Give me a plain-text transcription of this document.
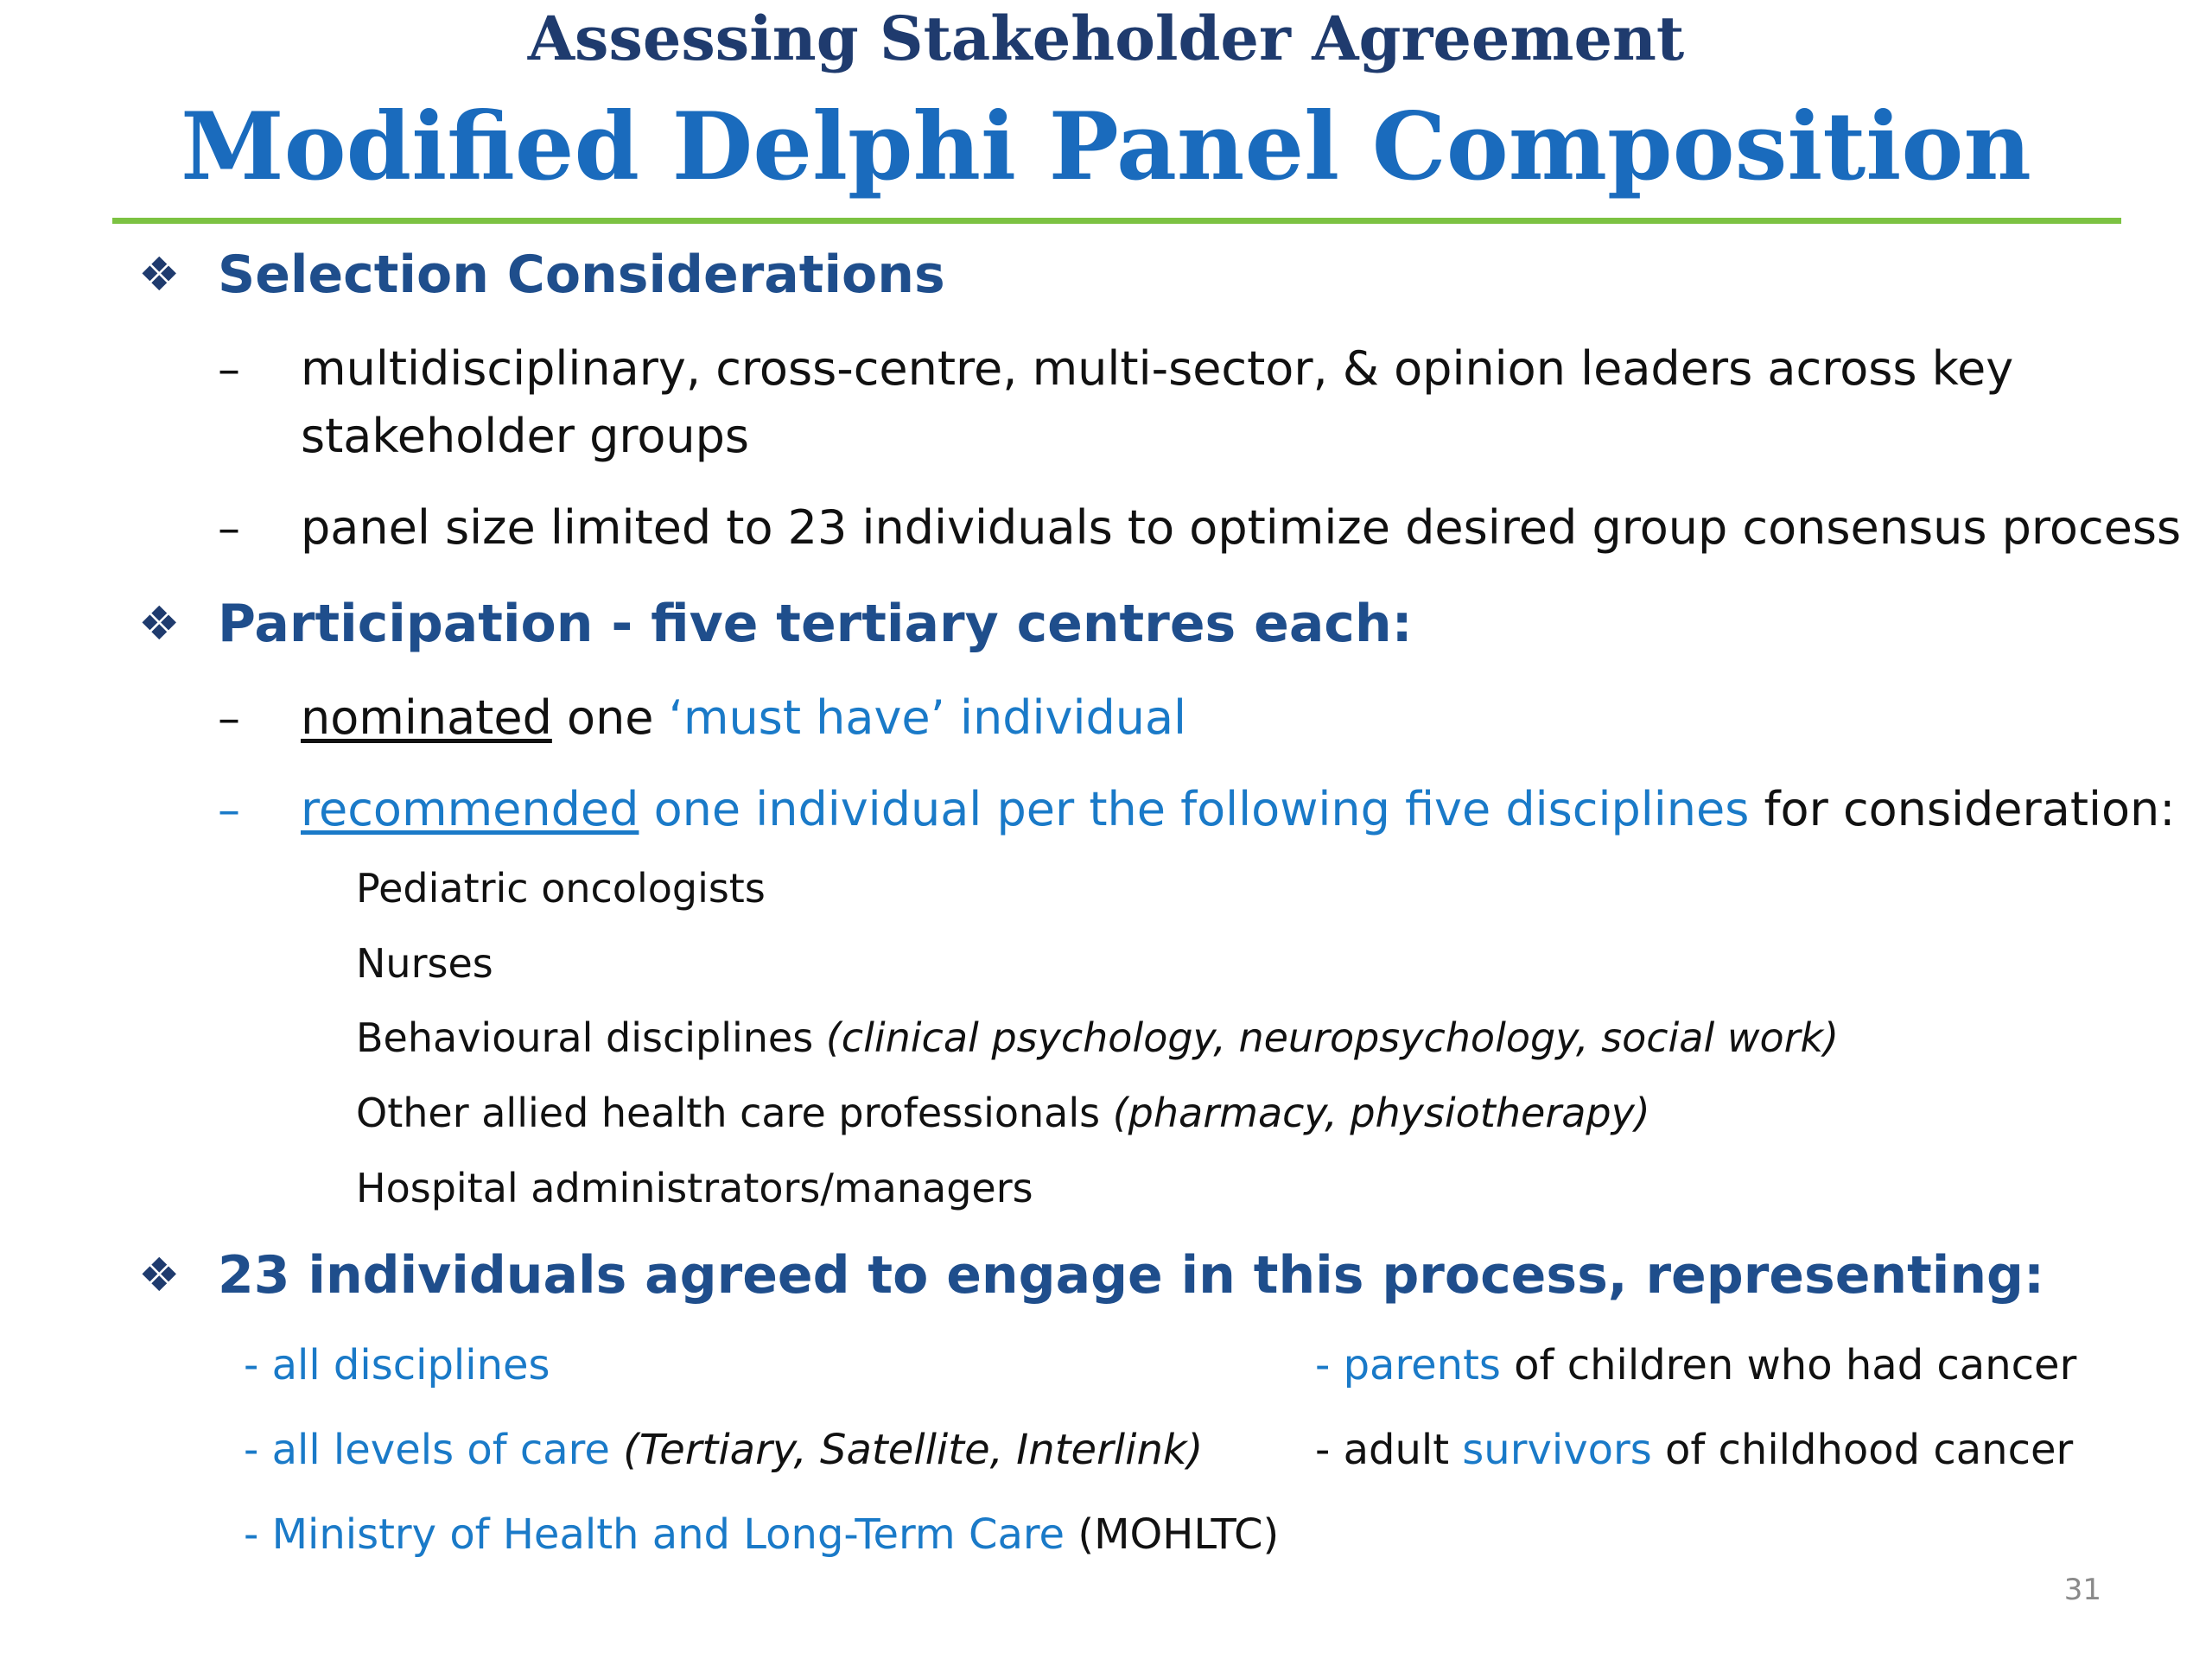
Assessing Stakeholder Agreement
Modified Delphi Panel Composition
❖ Selection Considerations
– multidisciplinary, cross-centre, multi-sector, & opinion leaders across key
stakeholder groups
– panel size limited to 23 individuals to optimize desired group consensus process
❖ Participation - five tertiary centres each:
– nominated one ‘must have’ individual
– recommended one individual per the following five disciplines for consideration:
Pediatric oncologists
Nurses
Behavioural disciplines (clinical psychology, neuropsychology, social work)
Other allied health care professionals (pharmacy, physiotherapy)
Hospital administrators/managers
❖ 23 individuals agreed to engage in this process, representing:
- all disciplines
- all levels of care (Tertiary, Satellite, Interlink)
- Ministry of Health and Long-Term Care (MOHLTC)
- parents of children who had cancer
- adult survivors of childhood cancer
31
